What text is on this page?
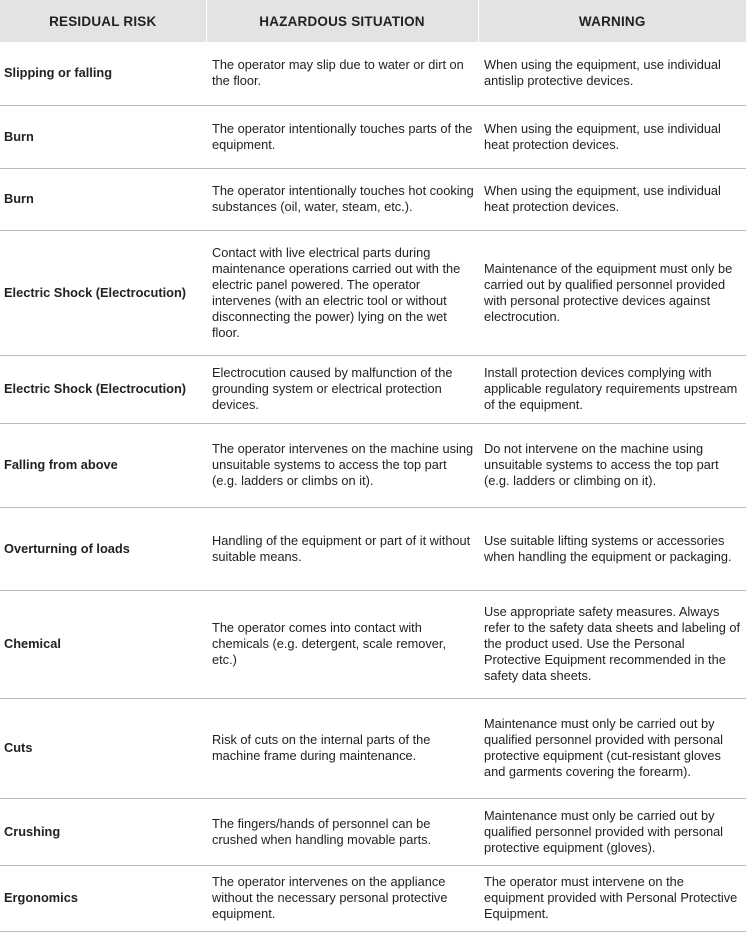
RESIDUAL RISK	HAZARDOUS SITUATION	WARNING
Slipping or falling	The operator may slip due to water or dirt on the floor.	When using the equipment, use individual antislip protective devices.
Burn	The operator intentionally touches parts of the equipment.	When using the equipment, use individual heat protection devices.
Burn	The operator intentionally touches hot cooking substances (oil, water, steam, etc.).	When using the equipment, use individual heat protection devices.
Electric Shock (Electrocution)	Contact with live electrical parts during maintenance operations carried out with the electric panel powered. The operator intervenes (with an electric tool or without disconnecting the power) lying on the wet floor.	Maintenance of the equipment must only be carried out by qualified personnel provided with personal protective devices against electrocution.
Electric Shock (Electrocution)	Electrocution caused by malfunction of the grounding system or electrical protection devices.	Install protection devices complying with applicable regulatory requirements upstream of the equipment.
Falling from above	The operator intervenes on the machine using unsuitable systems to access the top part (e.g. ladders or climbs on it).	Do not intervene on the machine using unsuitable systems to access the top part (e.g. ladders or climbing on it).
Overturning of loads	Handling of the equipment or part of it without suitable means.	Use suitable lifting systems or accessories when handling the equipment or packaging.
Chemical	The operator comes into contact with chemicals (e.g. detergent, scale remover, etc.)	Use appropriate safety measures. Always refer to the safety data sheets and labeling of the product used. Use the Personal Protective Equipment recommended in the safety data sheets.
Cuts	Risk of cuts on the internal parts of the machine frame during maintenance.	Maintenance must only be carried out by qualified personnel provided with personal protective equipment (cut-resistant gloves and garments covering the forearm).
Crushing	The fingers/hands of personnel can be crushed when handling movable parts.	Maintenance must only be carried out by qualified personnel provided with personal protective equipment (gloves).
Ergonomics	The operator intervenes on the appliance without the necessary personal protective equipment.	The operator must intervene on the equipment provided with Personal Protective Equipment.
